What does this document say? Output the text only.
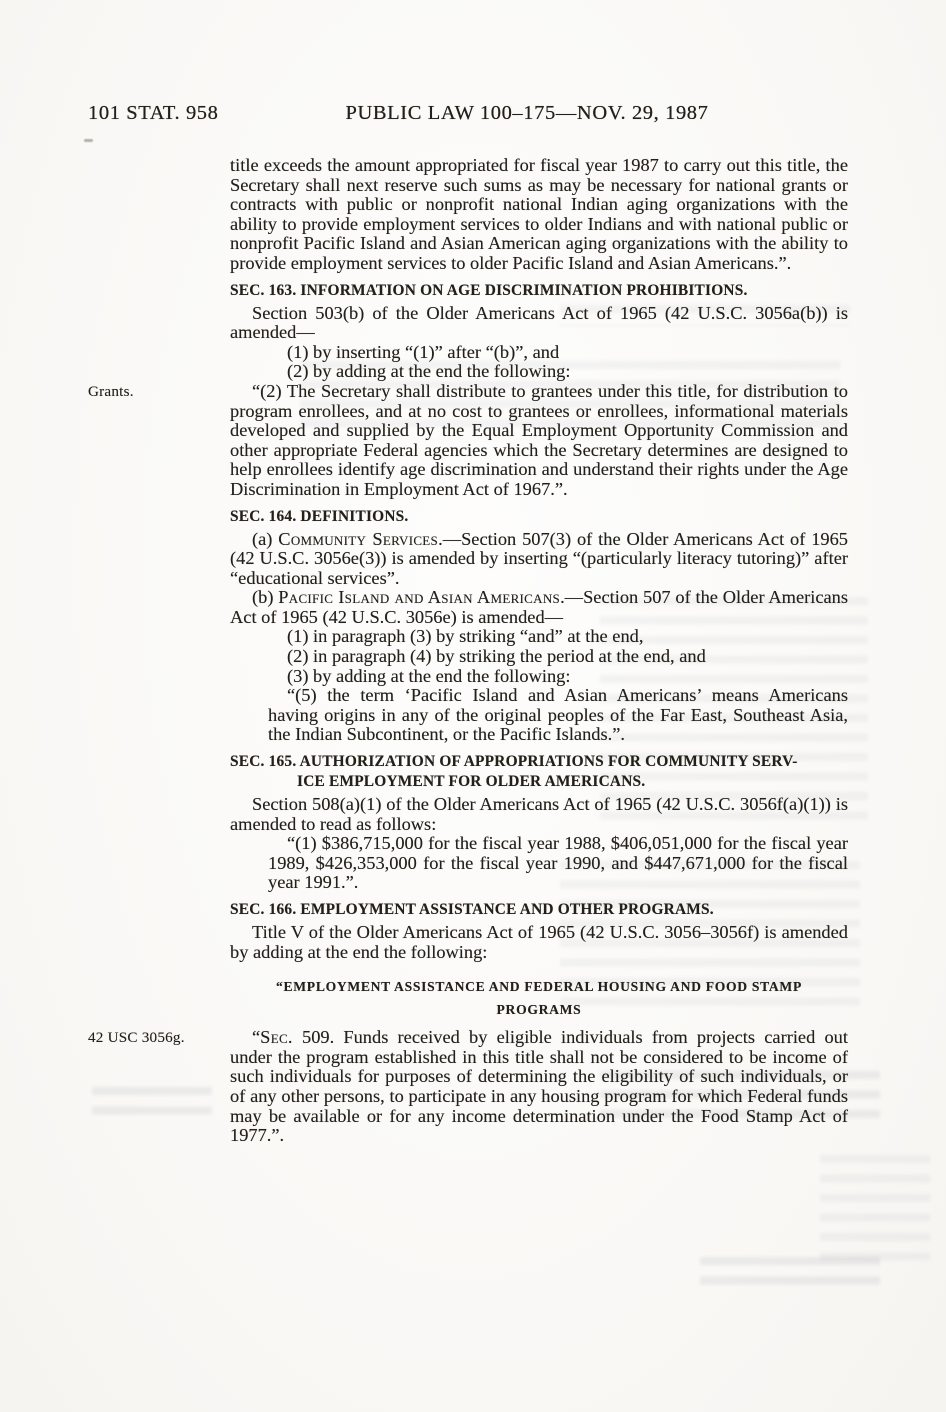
101 STAT. 958	PUBLIC LAW 100–175—NOV. 29, 1987

title exceeds the amount appropriated for fiscal year 1987 to carry out this title, the Secretary shall next reserve such sums as may be necessary for national grants or contracts with public or nonprofit national Indian aging organizations with the ability to provide employment services to older Indians and with national public or nonprofit Pacific Island and Asian American aging organizations with the ability to provide employment services to older Pacific Island and Asian Americans.”.

SEC. 163. INFORMATION ON AGE DISCRIMINATION PROHIBITIONS.

Section 503(b) of the Older Americans Act of 1965 (42 U.S.C. 3056a(b)) is amended—

(1) by inserting “(1)” after “(b)”, and

(2) by adding at the end the following:

Grants.	“(2) The Secretary shall distribute to grantees under this title, for distribution to program enrollees, and at no cost to grantees or enrollees, informational materials developed and supplied by the Equal Employment Opportunity Commission and other appropriate Federal agencies which the Secretary determines are designed to help enrollees identify age discrimination and understand their rights under the Age Discrimination in Employment Act of 1967.”.

SEC. 164. DEFINITIONS.

(a) Community Services.—Section 507(3) of the Older Americans Act of 1965 (42 U.S.C. 3056e(3)) is amended by inserting “(particularly literacy tutoring)” after “educational services”.

(b) Pacific Island and Asian Americans.—Section 507 of the Older Americans Act of 1965 (42 U.S.C. 3056e) is amended—

(1) in paragraph (3) by striking “and” at the end,

(2) in paragraph (4) by striking the period at the end, and

(3) by adding at the end the following:

“(5) the term ‘Pacific Island and Asian Americans’ means Americans having origins in any of the original peoples of the Far East, Southeast Asia, the Indian Subcontinent, or the Pacific Islands.”.

SEC. 165. AUTHORIZATION OF APPROPRIATIONS FOR COMMUNITY SERV-
ICE EMPLOYMENT FOR OLDER AMERICANS.

Section 508(a)(1) of the Older Americans Act of 1965 (42 U.S.C. 3056f(a)(1)) is amended to read as follows:

“(1) $386,715,000 for the fiscal year 1988, $406,051,000 for the fiscal year 1989, $426,353,000 for the fiscal year 1990, and $447,671,000 for the fiscal year 1991.”.

SEC. 166. EMPLOYMENT ASSISTANCE AND OTHER PROGRAMS.

Title V of the Older Americans Act of 1965 (42 U.S.C. 3056–3056f) is amended by adding at the end the following:

“EMPLOYMENT ASSISTANCE AND FEDERAL HOUSING AND FOOD STAMP
PROGRAMS

42 USC 3056g.	“Sec. 509. Funds received by eligible individuals from projects carried out under the program established in this title shall not be considered to be income of such individuals for purposes of determining the eligibility of such individuals, or of any other persons, to participate in any housing program for which Federal funds may be available or for any income determination under the Food Stamp Act of 1977.”.
